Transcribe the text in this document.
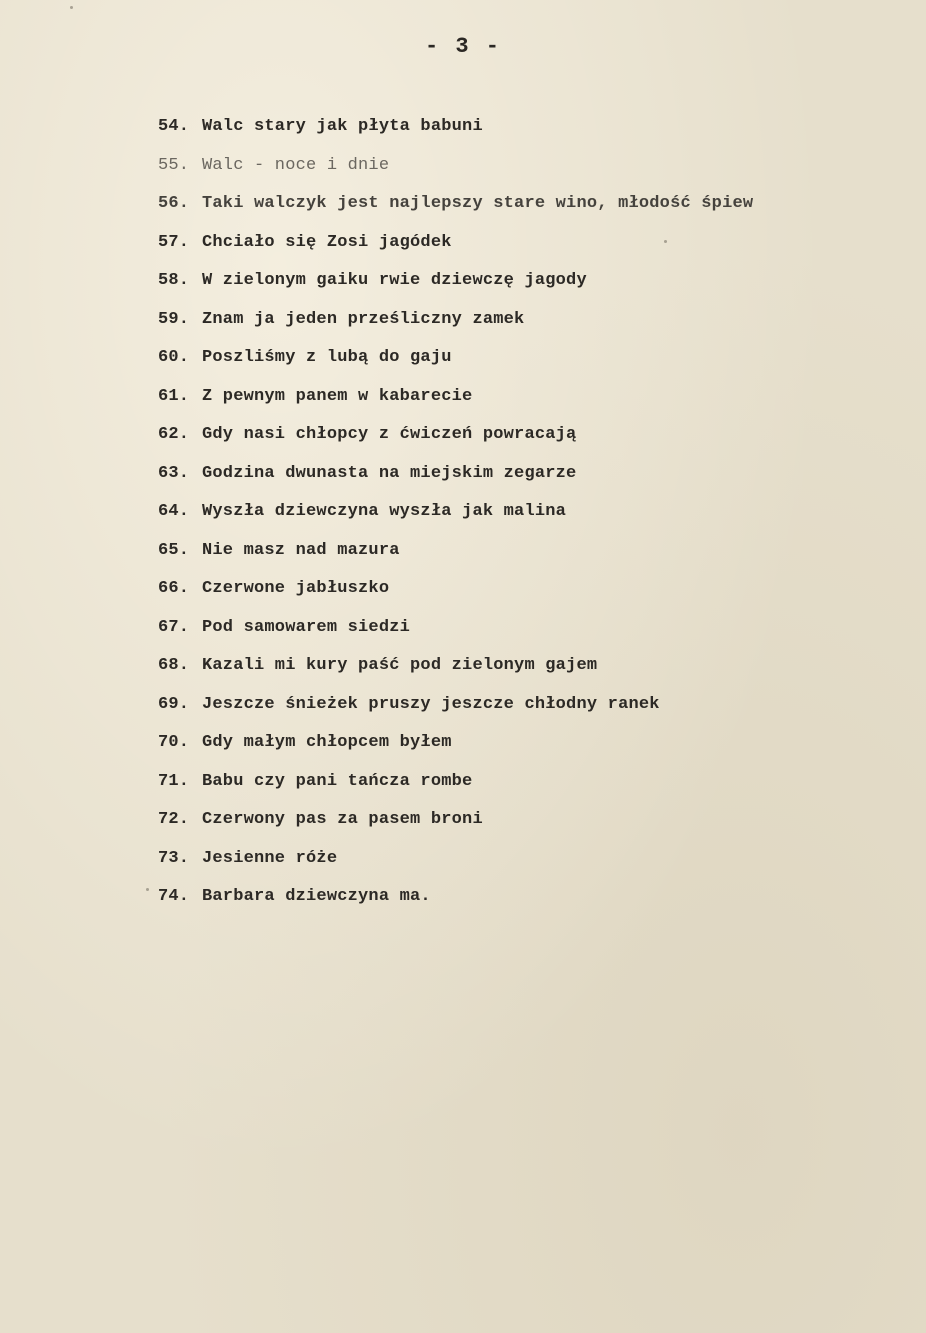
- 3 -
54. Walc stary jak płyta babuni
55. Walc - noce i dnie
56. Taki walczyk jest najlepszy stare wino, młodość śpiew
57. Chciało się Zosi jagódek
58. W zielonym gaiku rwie dziewczę jagody
59. Znam ja jeden prześliczny zamek
60. Poszliśmy z lubą do gaju
61. Z pewnym panem w kabarecie
62. Gdy nasi chłopcy z ćwiczeń powracają
63. Godzina dwunasta na miejskim zegarze
64. Wyszła dziewczyna wyszła jak malina
65. Nie masz nad mazura
66. Czerwone jabłuszko
67. Pod samowarem siedzi
68. Kazali mi kury paść pod zielonym gajem
69. Jeszcze śnieżek pruszy jeszcze chłodny ranek
70. Gdy małym chłopcem byłem
71. Babu czy pani tańcza rombe
72. Czerwony pas za pasem broni
73. Jesienne róże
74. Barbara dziewczyna ma.
